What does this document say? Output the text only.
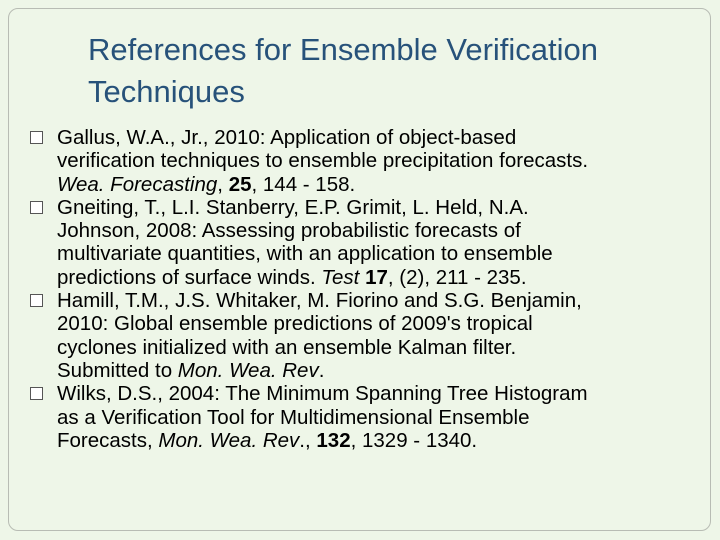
References for Ensemble Verification
Techniques
Gallus, W.A., Jr., 2010: Application of object-based
verification techniques to ensemble precipitation forecasts.
Wea. Forecasting, 25, 144 - 158.
Gneiting, T., L.I. Stanberry, E.P. Grimit, L. Held, N.A.
Johnson, 2008: Assessing probabilistic forecasts of
multivariate quantities, with an application to ensemble
predictions of surface winds. Test 17, (2), 211 - 235.
Hamill, T.M., J.S. Whitaker, M. Fiorino and S.G. Benjamin,
2010: Global ensemble predictions of 2009's tropical
cyclones initialized with an ensemble Kalman filter.
Submitted to Mon. Wea. Rev.
Wilks, D.S., 2004: The Minimum Spanning Tree Histogram
as a Verification Tool for Multidimensional Ensemble
Forecasts, Mon. Wea. Rev., 132, 1329 - 1340.
